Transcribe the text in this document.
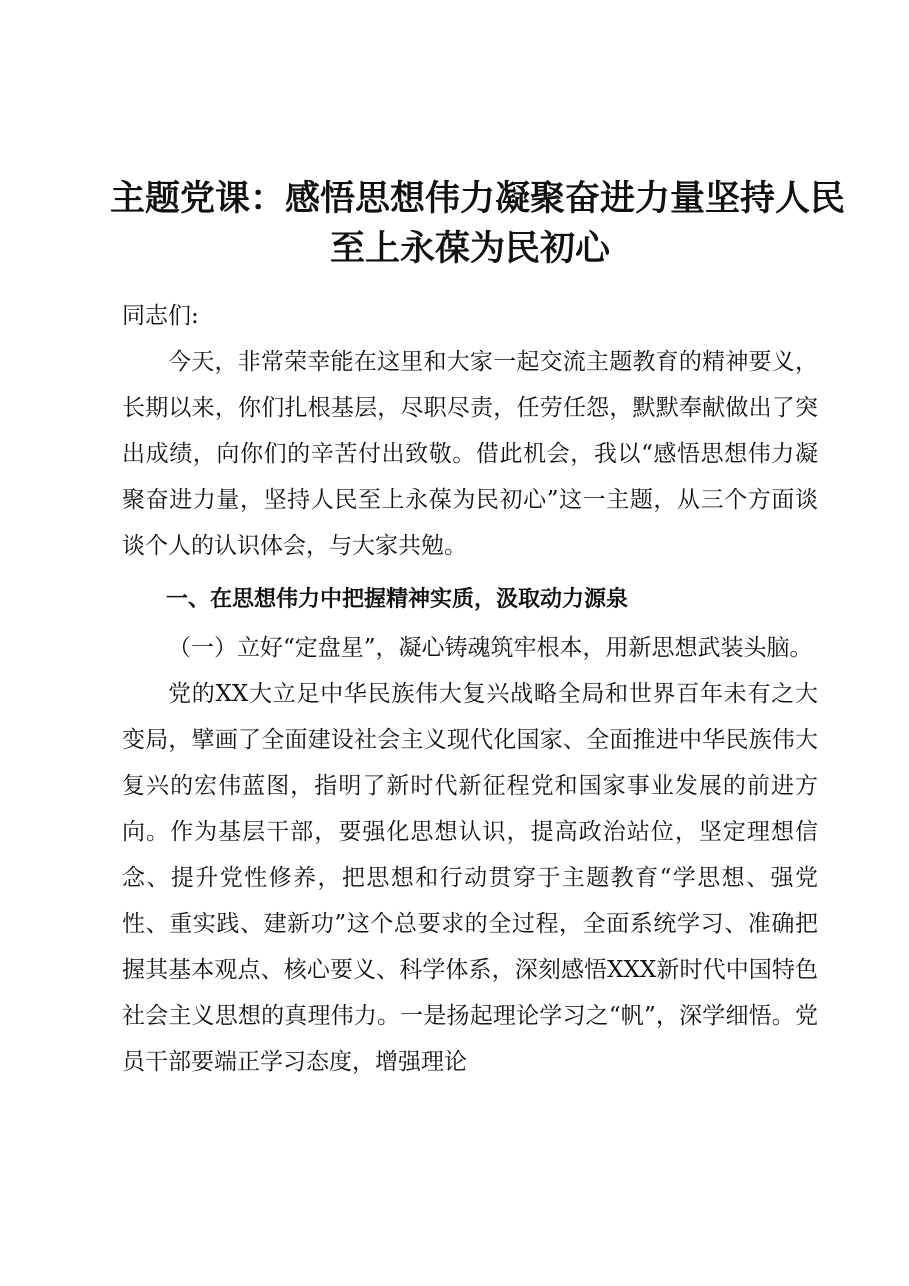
主题党课：感悟思想伟力凝聚奋进力量坚持人民
至上永葆为民初心

同志们:

今天，非常荣幸能在这里和大家一起交流主题教育的精神要义，长期以来，你们扎根基层，尽职尽责，任劳任怨，默默奉献做出了突出成绩，向你们的辛苦付出致敬。借此机会，我以“感悟思想伟力凝聚奋进力量，坚持人民至上永葆为民初心”这一主题，从三个方面谈谈个人的认识体会，与大家共勉。

一、在思想伟力中把握精神实质，汲取动力源泉

（一）立好“定盘星”，凝心铸魂筑牢根本，用新思想武装头脑。

党的XX大立足中华民族伟大复兴战略全局和世界百年未有之大变局，擘画了全面建设社会主义现代化国家、全面推进中华民族伟大复兴的宏伟蓝图，指明了新时代新征程党和国家事业发展的前进方向。作为基层干部，要强化思想认识，提高政治站位，坚定理想信念、提升党性修养，把思想和行动贯穿于主题教育“学思想、强党性、重实践、建新功”这个总要求的全过程，全面系统学习、准确把握其基本观点、核心要义、科学体系，深刻感悟XXX新时代中国特色社会主义思想的真理伟力。一是扬起理论学习之“帆”，深学细悟。党员干部要端正学习态度，增强理论
